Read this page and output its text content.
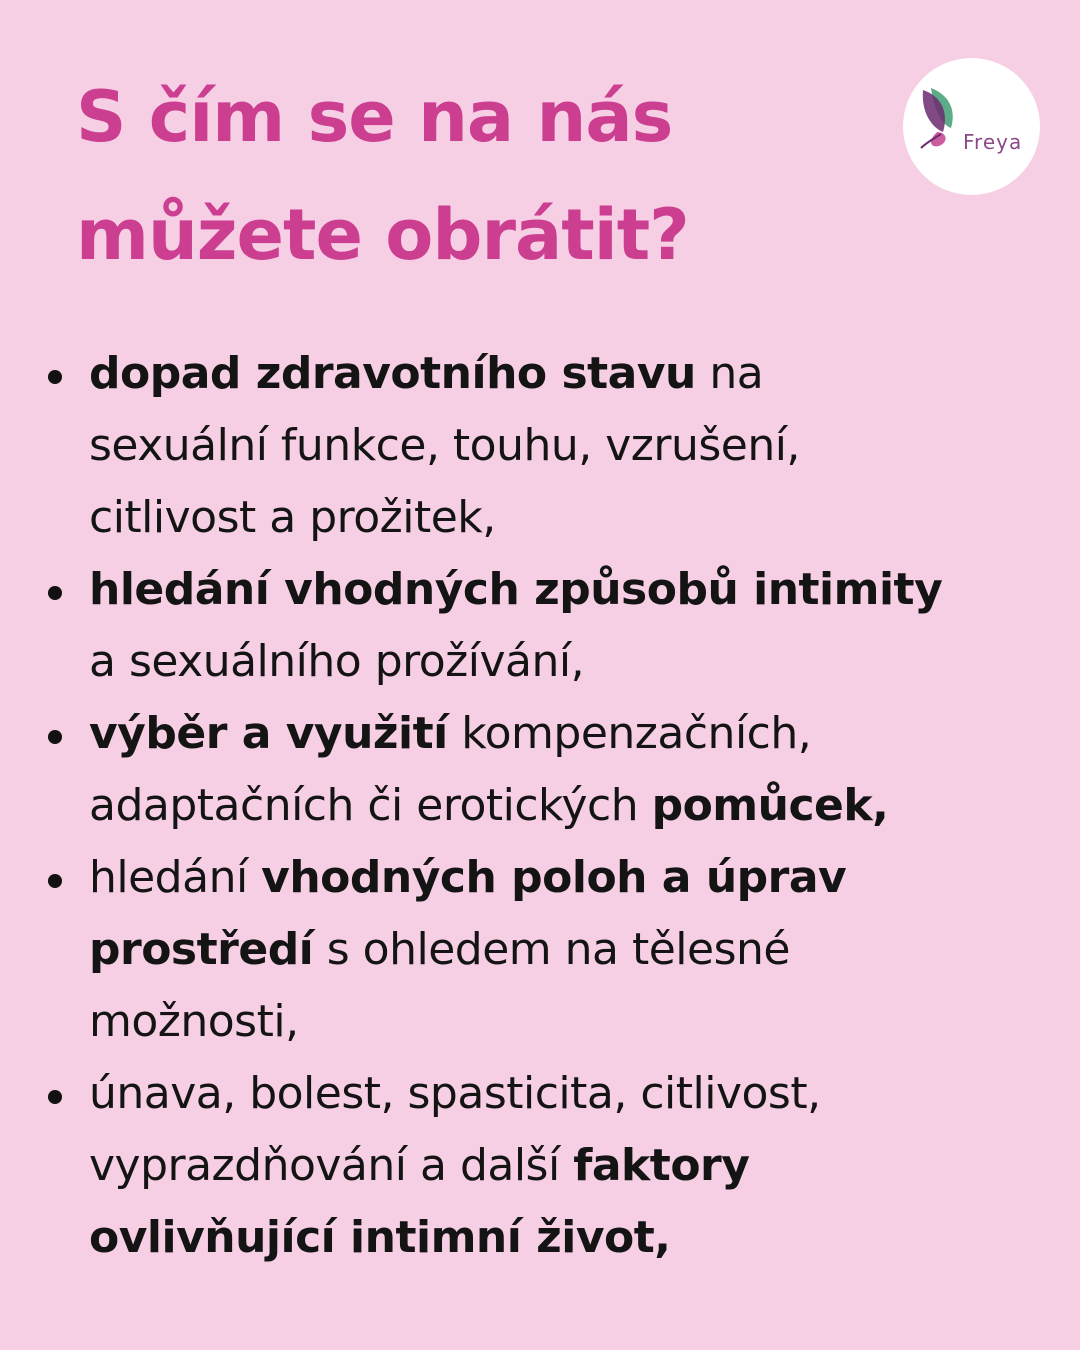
S čím se na nás
můžete obrátit?
Freya
dopad zdravotního stavu na
sexuální funkce, touhu, vzrušení,
citlivost a prožitek,
hledání vhodných způsobů intimity
a sexuálního prožívání,
výběr a využití kompenzačních,
adaptačních či erotických pomůcek,
hledání vhodných poloh a úprav
prostředí s ohledem na tělesné
možnosti,
únava, bolest, spasticita, citlivost,
vyprazdňování a další faktory
ovlivňující intimní život,
